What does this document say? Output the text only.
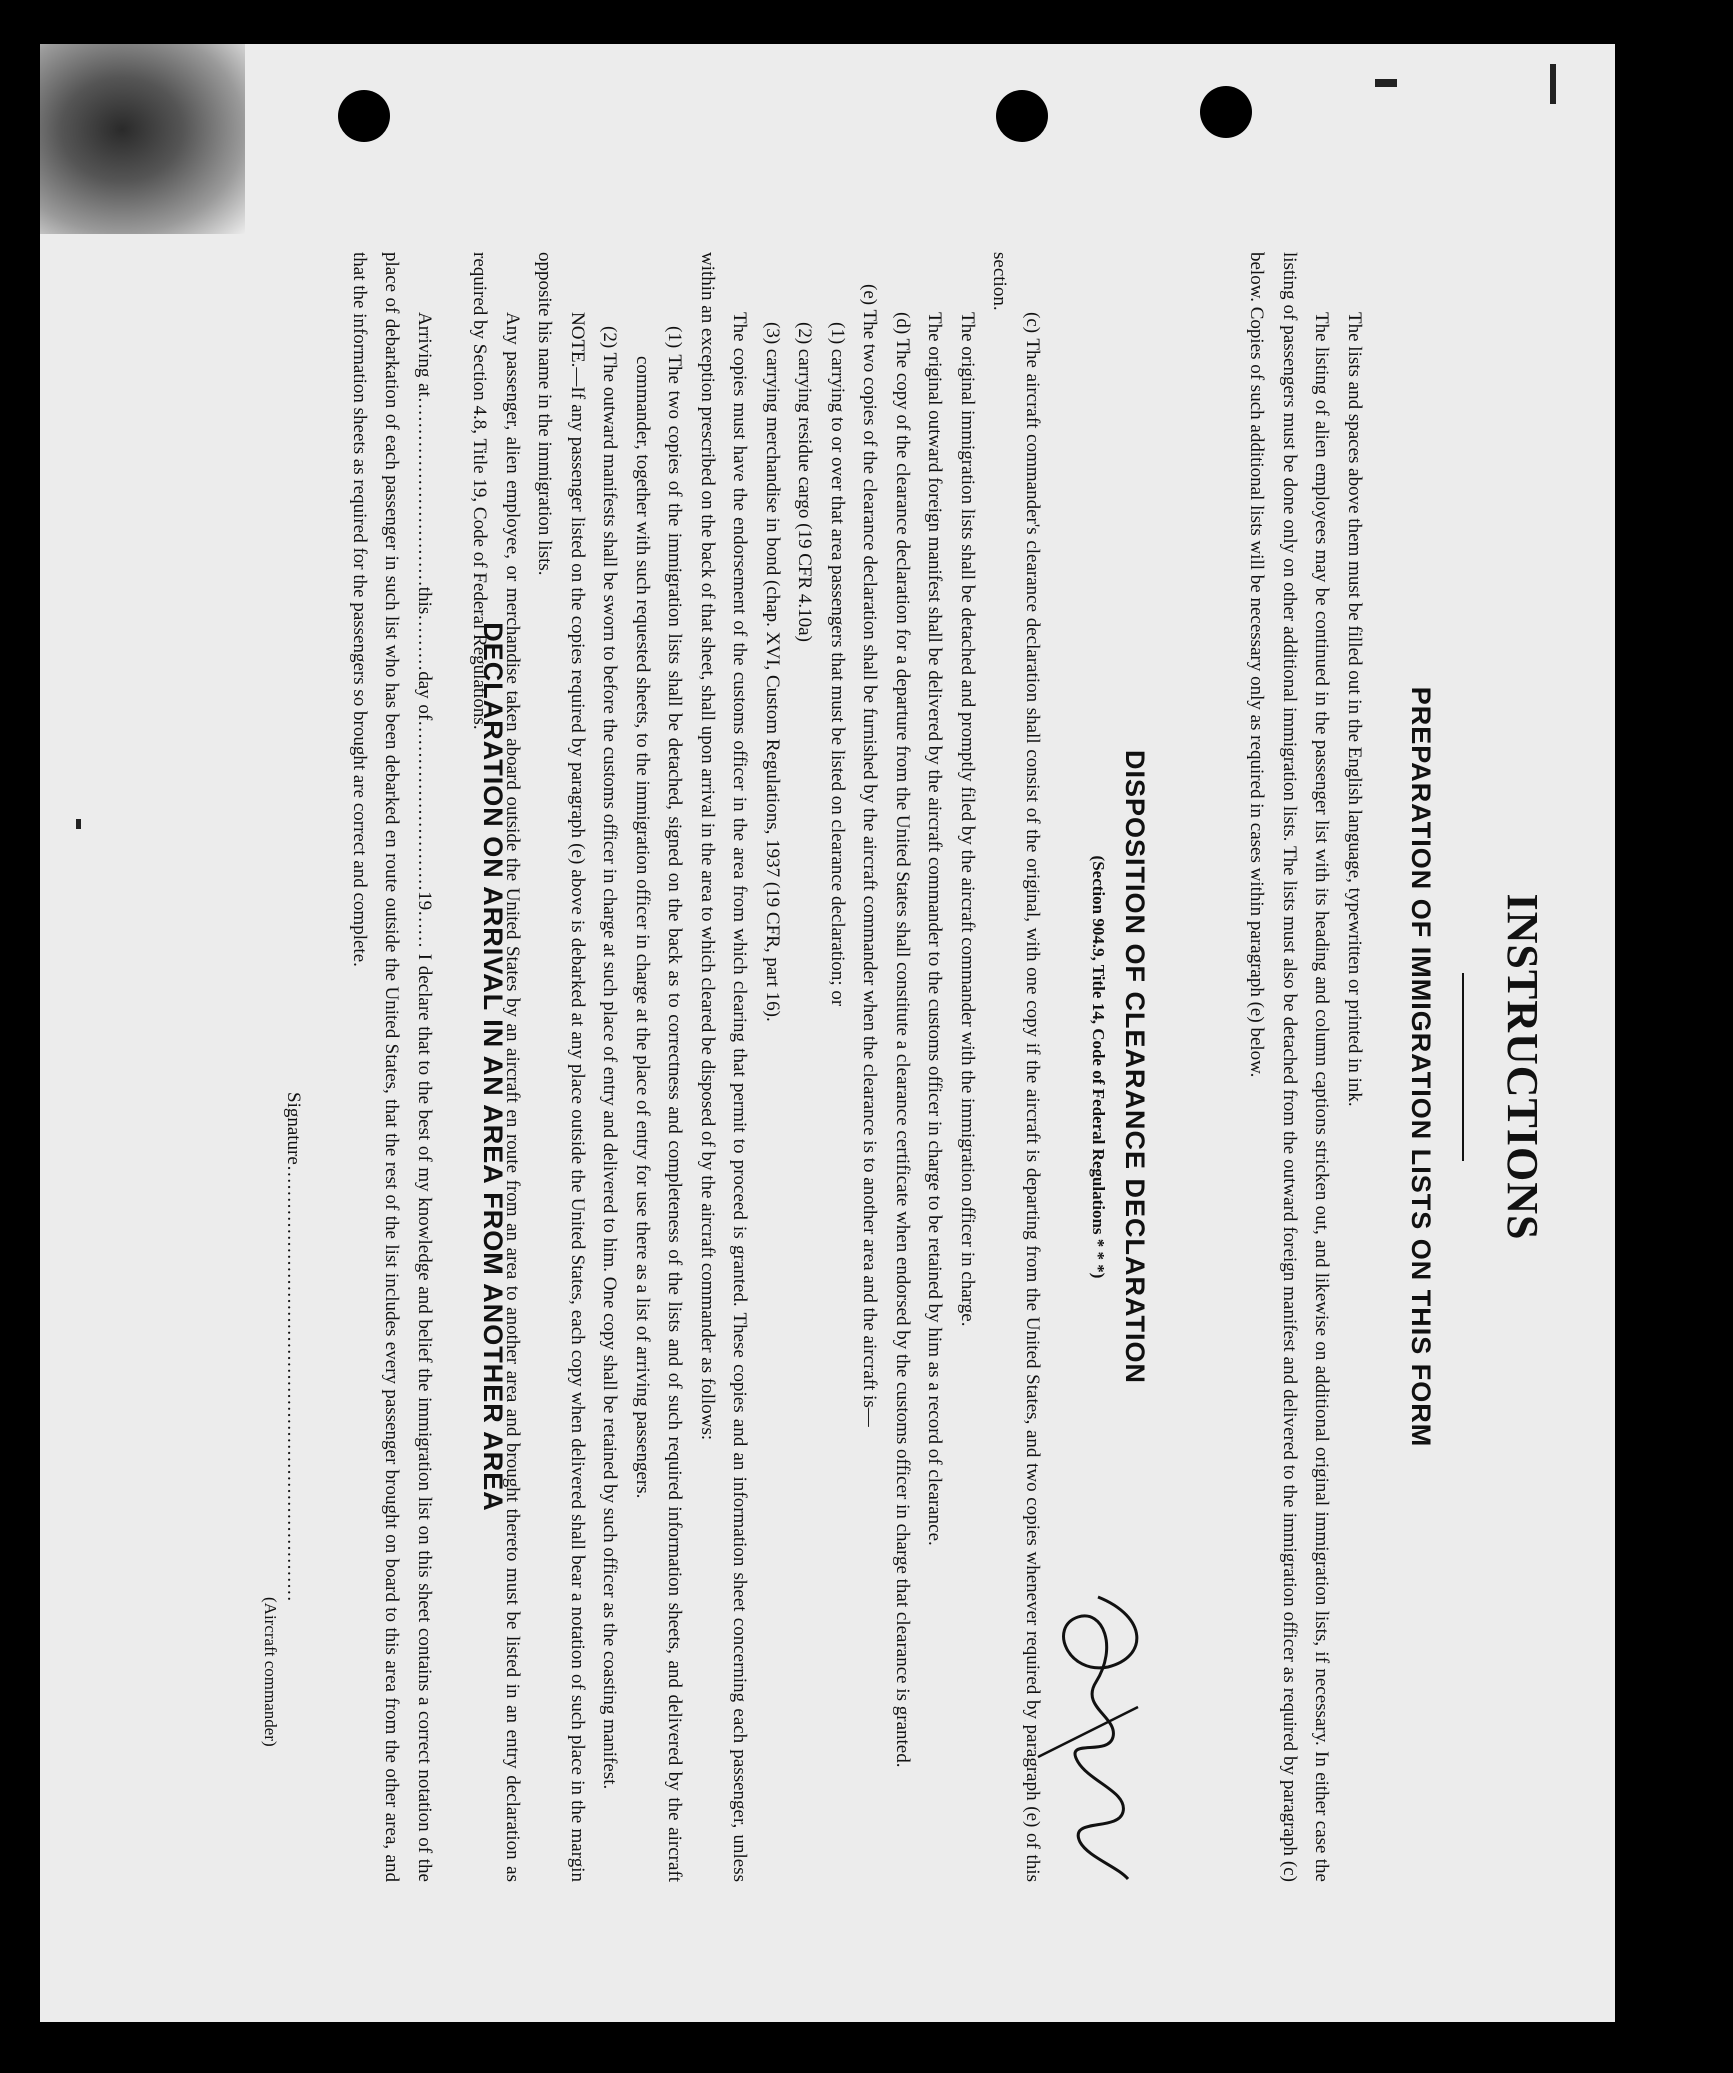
INSTRUCTIONS
PREPARATION OF IMMIGRATION LISTS ON THIS FORM

The lists and spaces above them must be filled out in the English language, typewritten or printed in ink.

The listing of alien employees may be continued in the passenger list with its heading and column captions stricken out, and likewise on additional original immigration lists, if necessary. In either case the listing of passengers must be done only on other additional immigration lists. The lists must also be detached from the outward foreign manifest and delivered to the immigration officer as required by paragraph (c) below. Copies of such additional lists will be necessary only as required in cases within paragraph (e) below.

DISPOSITION OF CLEARANCE DECLARATION
(Section 904.9, Title 14, Code of Federal Regulations * * *)

(c) The aircraft commander's clearance declaration shall consist of the original, with one copy if the aircraft is departing from the United States, and two copies whenever required by paragraph (e) of this section.

The original immigration lists shall be detached and promptly filed by the aircraft commander with the immigration officer in charge.

The original outward foreign manifest shall be delivered by the aircraft commander to the customs officer in charge to be retained by him as a record of clearance.

(d) The copy of the clearance declaration for a departure from the United States shall constitute a clearance certificate when endorsed by the customs officer in charge that clearance is granted.

(e) The two copies of the clearance declaration shall be furnished by the aircraft commander when the clearance is to another area and the aircraft is—

(1) carrying to or over that area passengers that must be listed on clearance declaration; or

(2) carrying residue cargo (19 CFR 4.10a)

(3) carrying merchandise in bond (chap. XVI, Custom Regulations, 1937 (19 CFR, part 16).

The copies must have the endorsement of the customs officer in the area from which clearing that permit to proceed is granted. These copies and an information sheet concerning each passenger, unless within an exception prescribed on the back of that sheet, shall upon arrival in the area to which cleared be disposed of by the aircraft commander as follows:

(1) The two copies of the immigration lists shall be detached, signed on the back as to correctness and completeness of the lists and of such required information sheets, and delivered by the aircraft commander, together with such requested sheets, to the immigration officer in charge at the place of entry for use there as a list of arriving passengers.

(2) The outward manifests shall be sworn to before the customs officer in charge at such place of entry and delivered to him. One copy shall be retained by such officer as the coasting manifest.

NOTE.—If any passenger listed on the copies required by paragraph (e) above is debarked at any place outside the United States, each copy when delivered shall bear a notation of such place in the margin opposite his name in the immigration lists.

Any passenger, alien employee, or merchandise taken aboard outside the United States by an aircraft en route from an area to another area and brought thereto must be listed in an entry declaration as required by Section 4.8, Title 19, Code of Federal Regulations.

DECLARATION ON ARRIVAL IN AN AREA FROM ANOTHER AREA

Arriving at…………………………this………day of………………………19…… I declare that to the best of my knowledge and belief the immigration list on this sheet contains a correct notation of the place of debarkation of each passenger in such list who has been debarked en route outside the United States, that the rest of the list includes every passenger brought on board to this area from the other area, and that the information sheets as required for the passengers so brought are correct and complete.

Signature……………………………………………………………
(Aircraft commander)
